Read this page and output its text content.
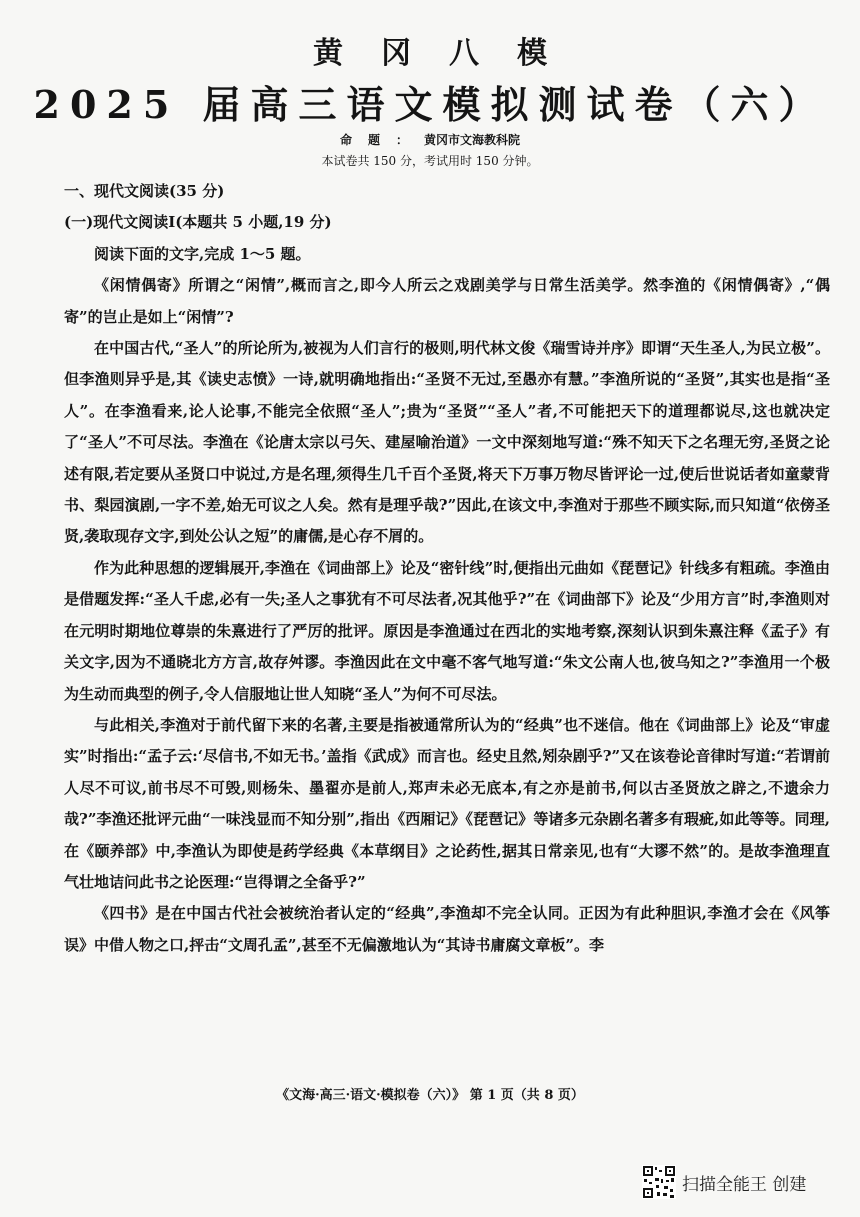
黄冈八模
2025 届高三语文模拟测试卷（六）
命题：黄冈市文海教科院
本试卷共 150 分，考试用时 150 分钟。

一、现代文阅读(35 分)

(一)现代文阅读Ⅰ(本题共 5 小题,19 分)

阅读下面的文字,完成 1～5 题。

《闲情偶寄》所谓之“闲情”,概而言之,即今人所云之戏剧美学与日常生活美学。然李渔的《闲情偶寄》,“偶寄”的岂止是如上“闲情”?

在中国古代,“圣人”的所论所为,被视为人们言行的极则,明代林文俊《瑞雪诗并序》即谓“天生圣人,为民立极”。但李渔则异乎是,其《读史志愤》一诗,就明确地指出:“圣贤不无过,至愚亦有慧。”李渔所说的“圣贤”,其实也是指“圣人”。在李渔看来,论人论事,不能完全依照“圣人”;贵为“圣贤”“圣人”者,不可能把天下的道理都说尽,这也就决定了“圣人”不可尽法。李渔在《论唐太宗以弓矢、建屋喻治道》一文中深刻地写道:“殊不知天下之名理无穷,圣贤之论述有限,若定要从圣贤口中说过,方是名理,须得生几千百个圣贤,将天下万事万物尽皆评论一过,使后世说话者如童蒙背书、梨园演剧,一字不差,始无可议之人矣。然有是理乎哉?”因此,在该文中,李渔对于那些不顾实际,而只知道“依傍圣贤,袭取现存文字,到处公认之短”的庸儒,是心存不屑的。

作为此种思想的逻辑展开,李渔在《词曲部上》论及“密针线”时,便指出元曲如《琵琶记》针线多有粗疏。李渔由是借题发挥:“圣人千虑,必有一失;圣人之事犹有不可尽法者,况其他乎?”在《词曲部下》论及“少用方言”时,李渔则对在元明时期地位尊崇的朱熹进行了严厉的批评。原因是李渔通过在西北的实地考察,深刻认识到朱熹注释《孟子》有关文字,因为不通晓北方方言,故存舛谬。李渔因此在文中毫不客气地写道:“朱文公南人也,彼乌知之?”李渔用一个极为生动而典型的例子,令人信服地让世人知晓“圣人”为何不可尽法。

与此相关,李渔对于前代留下来的名著,主要是指被通常所认为的“经典”也不迷信。他在《词曲部上》论及“审虚实”时指出:“孟子云:‘尽信书,不如无书。’盖指《武成》而言也。经史且然,矧杂剧乎?”又在该卷论音律时写道:“若谓前人尽不可议,前书尽不可毁,则杨朱、墨翟亦是前人,郑声未必无底本,有之亦是前书,何以古圣贤放之辟之,不遗余力哉?”李渔还批评元曲“一味浅显而不知分别”,指出《西厢记》《琵琶记》等诸多元杂剧名著多有瑕疵,如此等等。同理,在《颐养部》中,李渔认为即使是药学经典《本草纲目》之论药性,据其日常亲见,也有“大谬不然”的。是故李渔理直气壮地诘问此书之论医理:“岂得谓之全备乎?”

《四书》是在中国古代社会被统治者认定的“经典”,李渔却不完全认同。正因为有此种胆识,李渔才会在《风筝误》中借人物之口,抨击“文周孔孟”,甚至不无偏激地认为“其诗书庸腐文章板”。李

《文海·高三·语文·模拟卷（六）》 第 1 页（共 8 页）
扫描全能王 创建
